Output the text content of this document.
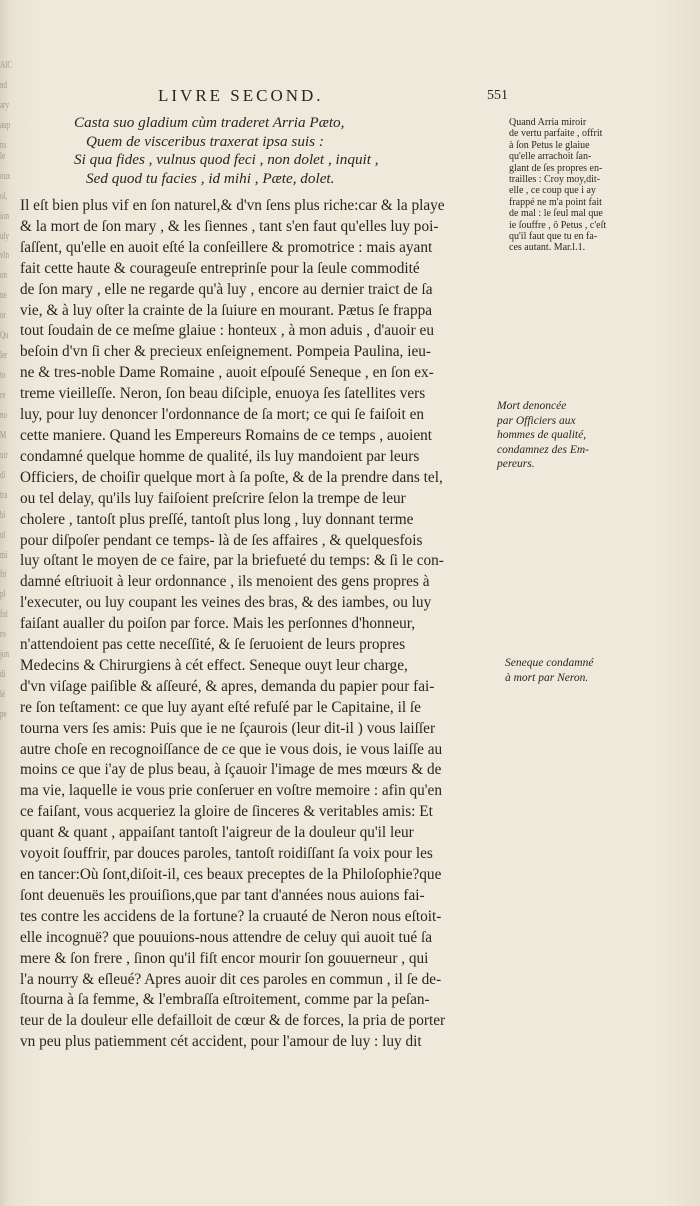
AIC
nd
ary
aup
ns le
oux
ol,
ion
uly
vln
on
ne
or
Qu
ler
to
re
no
M
uir
di
tra
bi
ul
mi
fri
pl
ful
ro
jon
di
lé
pe
LIVRE SECOND.	551
Casta suo gladium cùm traderet Arria Pæto,
Quem de visceribus traxerat ipsa suis :
Si qua fides , vulnus quod feci , non dolet , inquit ,
Sed quod tu facies , id mihi , Pæte, dolet.
Il eſt bien plus vif en ſon naturel,& d'vn ſens plus riche:car & la playe
& la mort de ſon mary , & les ſiennes , tant s'en faut qu'elles luy poi-
ſaſſent, qu'elle en auoit eſté la conſeillere & promotrice : mais ayant
fait cette haute & courageuſe entreprinſe pour la ſeule commodité
de ſon mary , elle ne regarde qu'à luy , encore au dernier traict de ſa
vie, & à luy oſter la crainte de la ſuiure en mourant. Pætus ſe frappa
tout ſoudain de ce meſme glaiue : honteux , à mon aduis , d'auoir eu
beſoin d'vn ſi cher & precieux enſeignement. Pompeia Paulina, ieu-
ne & tres-noble Dame Romaine , auoit eſpouſé Seneque , en ſon ex-
treme vieilleſſe. Neron, ſon beau diſciple, enuoya ſes ſatellites vers
luy, pour luy denoncer l'ordonnance de ſa mort; ce qui ſe faiſoit en
cette maniere. Quand les Empereurs Romains de ce temps , auoient
condamné quelque homme de qualité, ils luy mandoient par leurs
Officiers, de choiſir quelque mort à ſa poſte, & de la prendre dans tel,
ou tel delay, qu'ils luy faiſoient preſcrire ſelon la trempe de leur
cholere , tantoſt plus preſſé, tantoſt plus long , luy donnant terme
pour diſpoſer pendant ce temps- là de ſes affaires , & quelquesfois
luy oſtant le moyen de ce faire, par la briefueté du temps: & ſi le con-
damné eſtriuoit à leur ordonnance , ils menoient des gens propres à
l'executer, ou luy coupant les veines des bras, & des iambes, ou luy
faiſant aualler du poiſon par force. Mais les perſonnes d'honneur,
n'attendoient pas cette neceſſité, & ſe ſeruoient de leurs propres
Medecins & Chirurgiens à cét effect. Seneque ouyt leur charge,
d'vn viſage paiſible & aſſeuré, & apres, demanda du papier pour fai-
re ſon teſtament: ce que luy ayant eſté refuſé par le Capitaine, il ſe
tourna vers ſes amis: Puis que ie ne ſçaurois (leur dit-il ) vous laiſſer
autre choſe en recognoiſſance de ce que ie vous dois, ie vous laiſſe au
moins ce que i'ay de plus beau, à ſçauoir l'image de mes mœurs & de
ma vie, laquelle ie vous prie conſeruer en voſtre memoire : afin qu'en
ce faiſant, vous acqueriez la gloire de ſinceres & veritables amis: Et
quant & quant , appaiſant tantoſt l'aigreur de la douleur qu'il leur
voyoit ſouffrir, par douces paroles, tantoſt roidiſſant ſa voix pour les
en tancer:Où ſont,diſoit-il, ces beaux preceptes de la Philoſophie?que
ſont deuenuës les prouiſions,que par tant d'années nous auions fai-
tes contre les accidens de la fortune? la cruauté de Neron nous eſtoit-
elle incognuë? que pouuions-nous attendre de celuy qui auoit tué ſa
mere & ſon frere , ſinon qu'il fiſt encor mourir ſon gouuerneur , qui
l'a nourry & eſleué? Apres auoir dit ces paroles en commun , il ſe de-
ſtourna à ſa femme, & l'embraſſa eſtroitement, comme par la peſan-
teur de la douleur elle defailloit de cœur & de forces, la pria de porter
vn peu plus patiemment cét accident, pour l'amour de luy : luy dit
Quand Arria miroir
de vertu parfaite , offrit
à ſon Petus le glaiue
qu'elle arrachoit ſan-
glant de ſes propres en-
trailles : Croy moy,dit-
elle , ce coup que i ay
frappé ne m'a point fait
de mal : le ſeul mal que
ie ſouffre , ô Petus , c'eſt
qu'il faut que tu en fa-
ces autant. Mar.l.1.
Mort denoncée
par Officiers aux
hommes de qualité,
condamnez des Em-
pereurs.
Seneque condamné
à mort par Neron.
